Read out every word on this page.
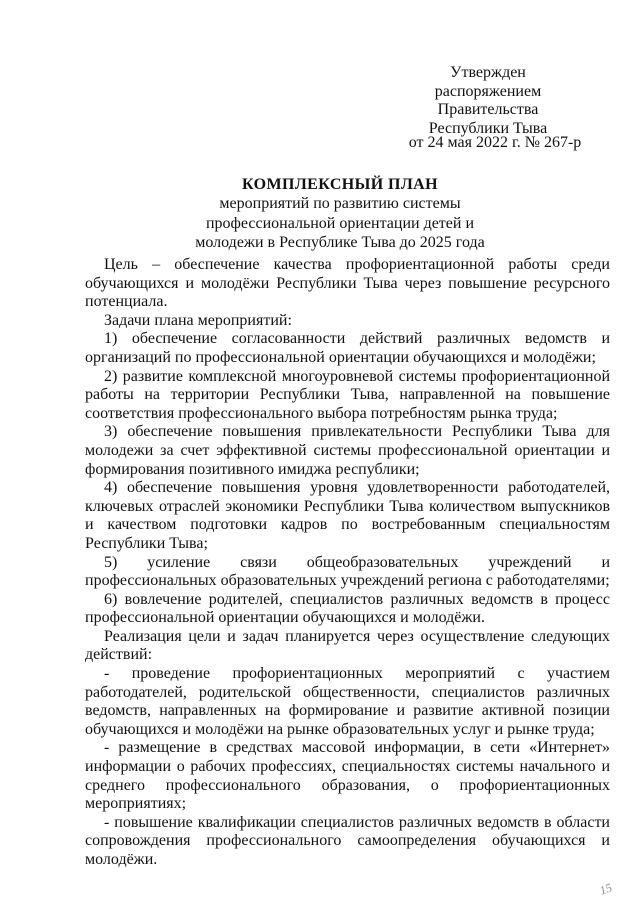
Утвержден
распоряжением Правительства
Республики Тыва
от 24 мая 2022 г. № 267-р
КОМПЛЕКСНЫЙ ПЛАН
мероприятий по развитию системы
профессиональной ориентации детей и
молодежи в Республике Тыва до 2025 года

Цель – обеспечение качества профориентационной работы среди обучающихся и молодёжи Республики Тыва через повышение ресурсного потенциала.

Задачи плана мероприятий:

1) обеспечение согласованности действий различных ведомств и организаций по профессиональной ориентации обучающихся и молодёжи;

2) развитие комплексной многоуровневой системы профориентационной работы на территории Республики Тыва, направленной на повышение соответствия профессионального выбора потребностям рынка труда;

3) обеспечение повышения привлекательности Республики Тыва для молодежи за счет эффективной системы профессиональной ориентации и формирования позитивного имиджа республики;

4) обеспечение повышения уровня удовлетворенности работодателей, ключевых отраслей экономики Республики Тыва количеством выпускников и качеством подготовки кадров по востребованным специальностям Республики Тыва;

5) усиление связи общеобразовательных учреждений и профессиональных образовательных учреждений региона с работодателями;

6) вовлечение родителей, специалистов различных ведомств в процесс профессиональной ориентации обучающихся и молодёжи.

Реализация цели и задач планируется через осуществление следующих действий:

- проведение профориентационных мероприятий с участием работодателей, родительской общественности, специалистов различных ведомств, направленных на формирование и развитие активной позиции обучающихся и молодёжи на рынке образовательных услуг и рынке труда;

- размещение в средствах массовой информации, в сети «Интернет» информации о рабочих профессиях, специальностях системы начального и среднего профессионального образования, о профориентационных мероприятиях;

- повышение квалификации специалистов различных ведомств в области сопровождения профессионального самоопределения обучающихся и молодёжи.

15
